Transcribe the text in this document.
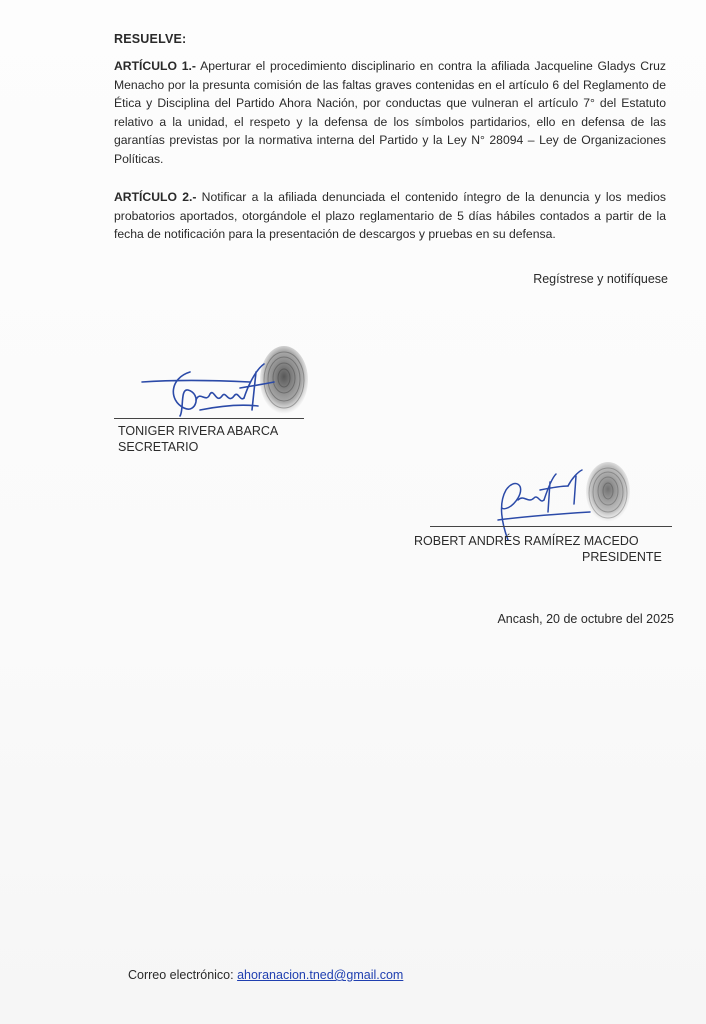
RESUELVE:
ARTÍCULO 1.- Aperturar el procedimiento disciplinario en contra la afiliada Jacqueline Gladys Cruz Menacho por la presunta comisión de las faltas graves contenidas en el artículo 6 del Reglamento de Ética y Disciplina del Partido Ahora Nación, por conductas que vulneran el artículo 7° del Estatuto relativo a la unidad, el respeto y la defensa de los símbolos partidarios, ello en defensa de las garantías previstas por la normativa interna del Partido y la Ley N° 28094 – Ley de Organizaciones Políticas.
ARTÍCULO 2.- Notificar a la afiliada denunciada el contenido íntegro de la denuncia y los medios probatorios aportados, otorgándole el plazo reglamentario de 5 días hábiles contados a partir de la fecha de notificación para la presentación de descargos y pruebas en su defensa.
Regístrese y notifíquese
TONIGER RIVERA ABARCA
SECRETARIO
ROBERT ANDRÉS RAMÍREZ MACEDO
PRESIDENTE
Ancash, 20 de octubre del 2025
Correo electrónico: ahoranacion.tned@gmail.com
